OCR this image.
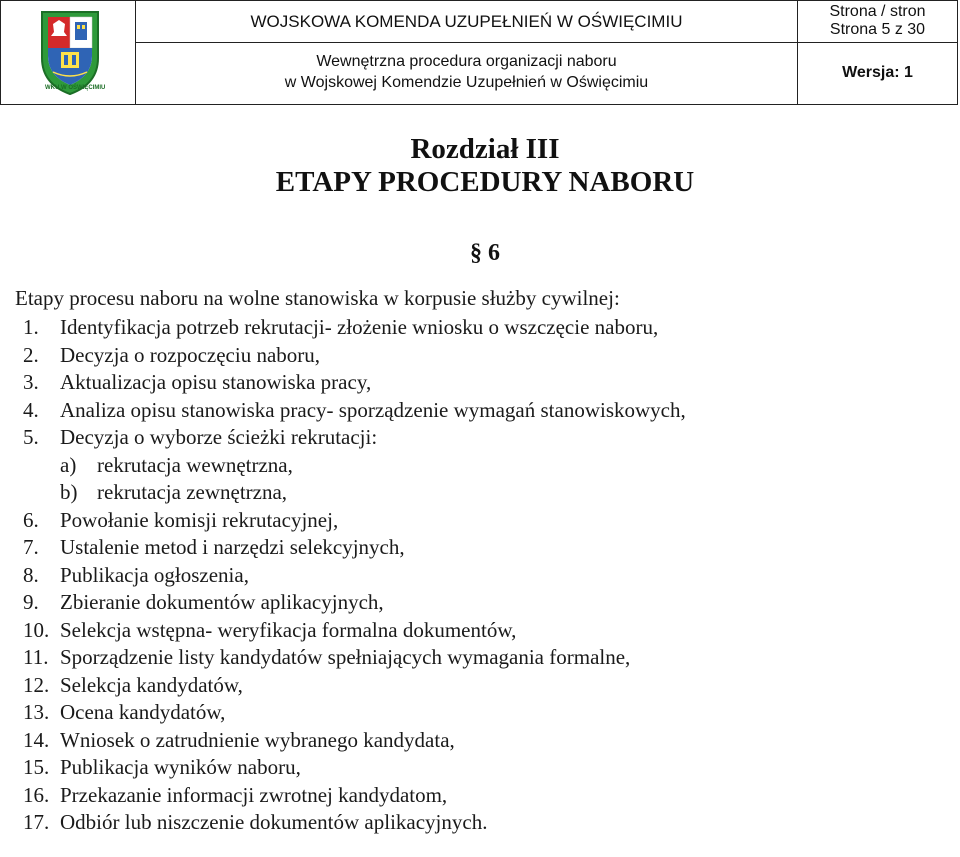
WKU W OŚWIĘCIMIU
WOJSKOWA KOMENDA UZUPEŁNIEŃ W OŚWIĘCIMIU
Wewnętrzna procedura organizacji naboru
w Wojskowej Komendzie Uzupełnień w Oświęcimiu
Strona / stron
Strona 5 z 30
Wersja: 1
Rozdział III
ETAPY PROCEDURY NABORU
§ 6
Etapy procesu naboru na wolne stanowiska w korpusie służby cywilnej:
1. Identyfikacja potrzeb rekrutacji- złożenie wniosku o wszczęcie naboru,
2. Decyzja o rozpoczęciu naboru,
3. Aktualizacja opisu stanowiska pracy,
4. Analiza opisu stanowiska pracy- sporządzenie wymagań stanowiskowych,
5. Decyzja o wyborze ścieżki rekrutacji:
a) rekrutacja wewnętrzna,
b) rekrutacja zewnętrzna,
6. Powołanie komisji rekrutacyjnej,
7. Ustalenie metod i narzędzi selekcyjnych,
8. Publikacja ogłoszenia,
9. Zbieranie dokumentów aplikacyjnych,
10. Selekcja wstępna- weryfikacja formalna dokumentów,
11. Sporządzenie listy kandydatów spełniających wymagania formalne,
12. Selekcja kandydatów,
13. Ocena kandydatów,
14. Wniosek o zatrudnienie wybranego kandydata,
15. Publikacja wyników naboru,
16. Przekazanie informacji zwrotnej kandydatom,
17. Odbiór lub niszczenie dokumentów aplikacyjnych.
